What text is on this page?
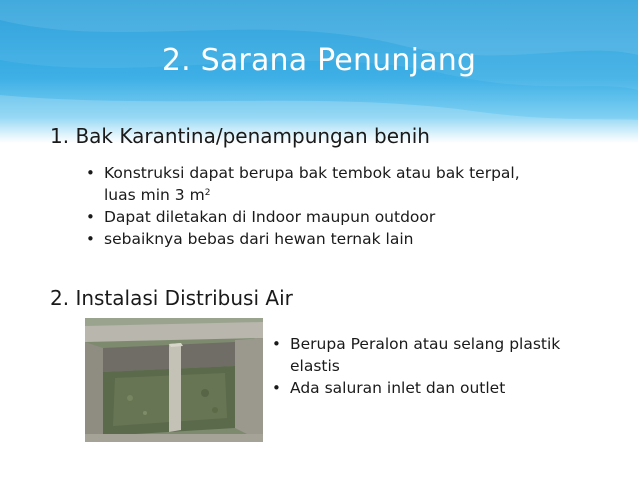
2. Sarana Penunjang
1. Bak Karantina/penampungan benih
• Konstruksi dapat berupa bak tembok atau bak terpal, luas min 3 $m^2$
• Dapat diletakan di Indoor maupun outdoor
• sebaiknya bebas dari hewan ternak lain
2. Instalasi Distribusi Air
• Berupa Peralon atau selang plastik elastis
• Ada saluran inlet dan outlet
